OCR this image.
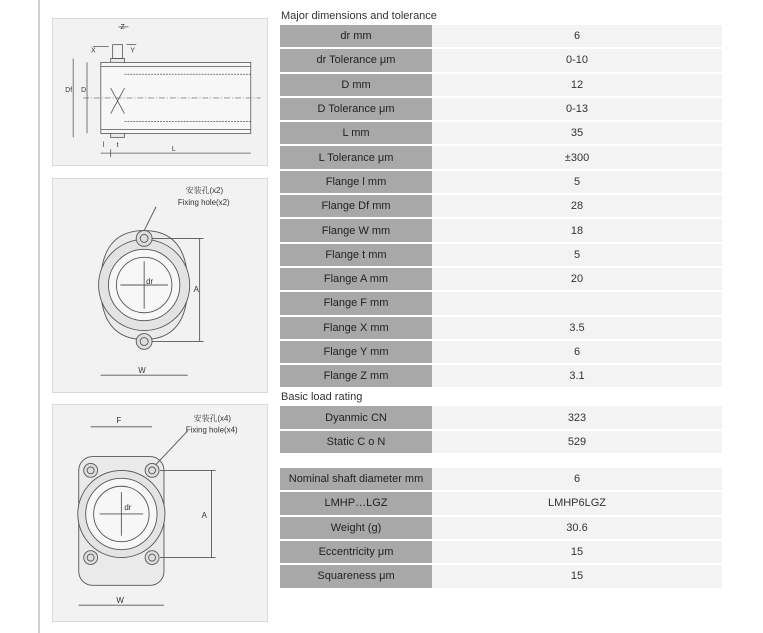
Z
X	Y
Df D
l t
L
安装孔(x2)
Fixing hole(x2)
dr
A
W
F	安装孔(x4)
Fixing hole(x4)
dr
A
W
Major dimensions and tolerance
dr mm	6
dr Tolerance μm	0-10
D mm	12
D Tolerance μm	0-13
L mm	35
L Tolerance μm	±300
Flange l mm	5
Flange Df mm	28
Flange W mm	18
Flange t mm	5
Flange A mm	20
Flange F mm	
Flange X mm	3.5
Flange Y mm	6
Flange Z mm	3.1
Basic load rating
Dyanmic CN	323
Static C o N	529
Nominal shaft diameter mm	6
LMHP…LGZ	LMHP6LGZ
Weight (g)	30.6
Eccentricity μm	15
Squareness μm	15
